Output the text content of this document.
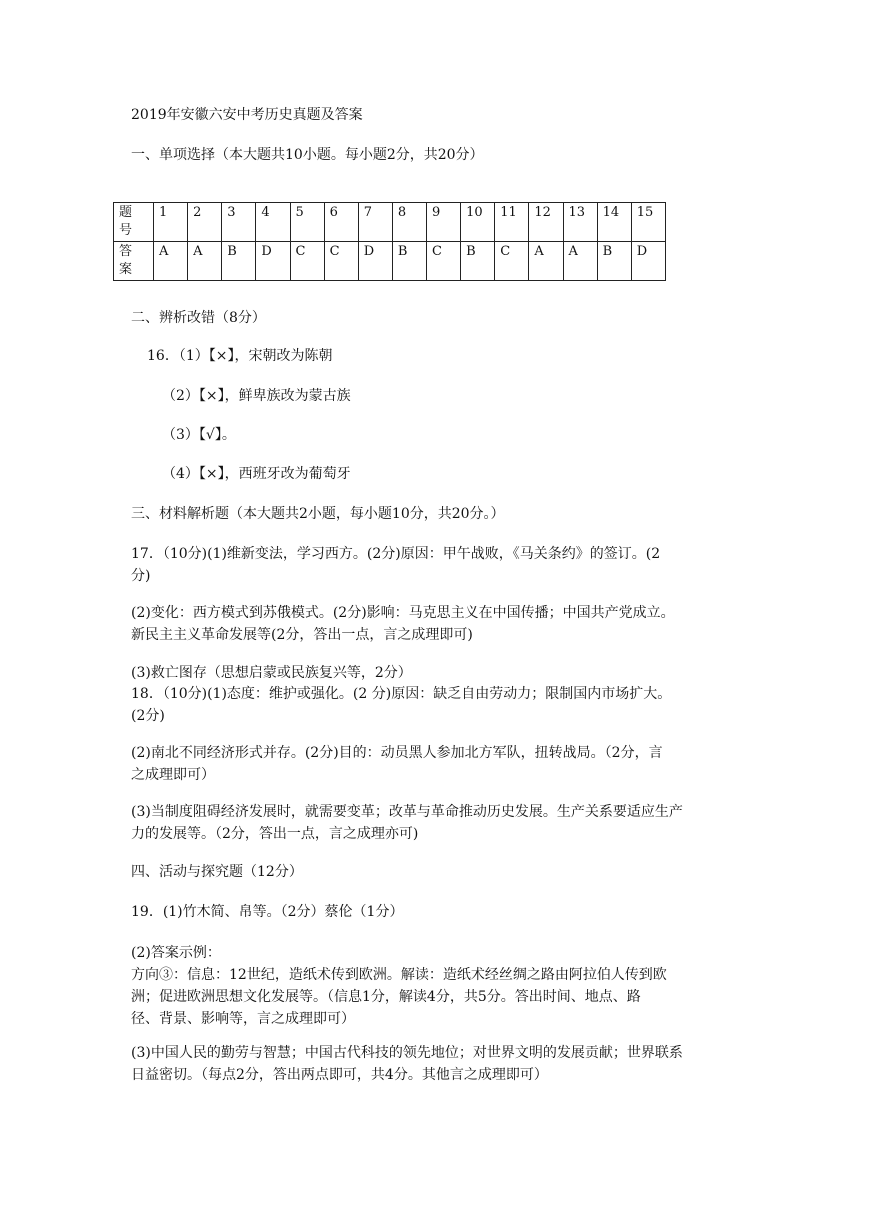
2019年安徽六安中考历史真题及答案
一、单项选择（本大题共10小题。每小题2分，共20分）
题
号	1	2	3	4	5	6	7	8	9	10	11	12	13	14	15
答
案	A	A	B	D	C	C	D	B	C	B	C	A	A	B	D
二、辨析改错（8分）
16．（1）【×】，宋朝改为陈朝
（2）【×】，鲜卑族改为蒙古族
（3）【√】。
（4）【×】，西班牙改为葡萄牙
三、材料解析题（本大题共2小题，每小题10分，共20分。）
17．（10分)(1)维新变法，学习西方。(2分)原因：甲午战败，《马关条约》的签订。(2
分)
(2)变化：西方模式到苏俄模式。(2分)影响：马克思主义在中国传播；中国共产党成立。
新民主主义革命发展等(2分，答出一点，言之成理即可)
(3)救亡图存（思想启蒙或民族复兴等，2分）
18．（10分)(1)态度：维护或强化。(2 分)原因：缺乏自由劳动力；限制国内市场扩大。
(2分)
(2)南北不同经济形式并存。(2分)目的：动员黑人参加北方军队，扭转战局。（2分，言
之成理即可）
(3)当制度阻碍经济发展时，就需要变革；改革与革命推动历史发展。生产关系要适应生产
力的发展等。（2分，答出一点，言之成理亦可)
四、活动与探究题（12分）
19．(1)竹木简、帛等。（2分）蔡伦（1分）
(2)答案示例：
方向③：信息：12世纪，造纸术传到欧洲。解读：造纸术经丝绸之路由阿拉伯人传到欧
洲；促进欧洲思想文化发展等。（信息1分，解读4分，共5分。答出时间、地点、路
径、背景、影响等，言之成理即可）
(3)中国人民的勤劳与智慧；中国古代科技的领先地位；对世界文明的发展贡献；世界联系
日益密切。（每点2分，答出两点即可，共4分。其他言之成理即可）
